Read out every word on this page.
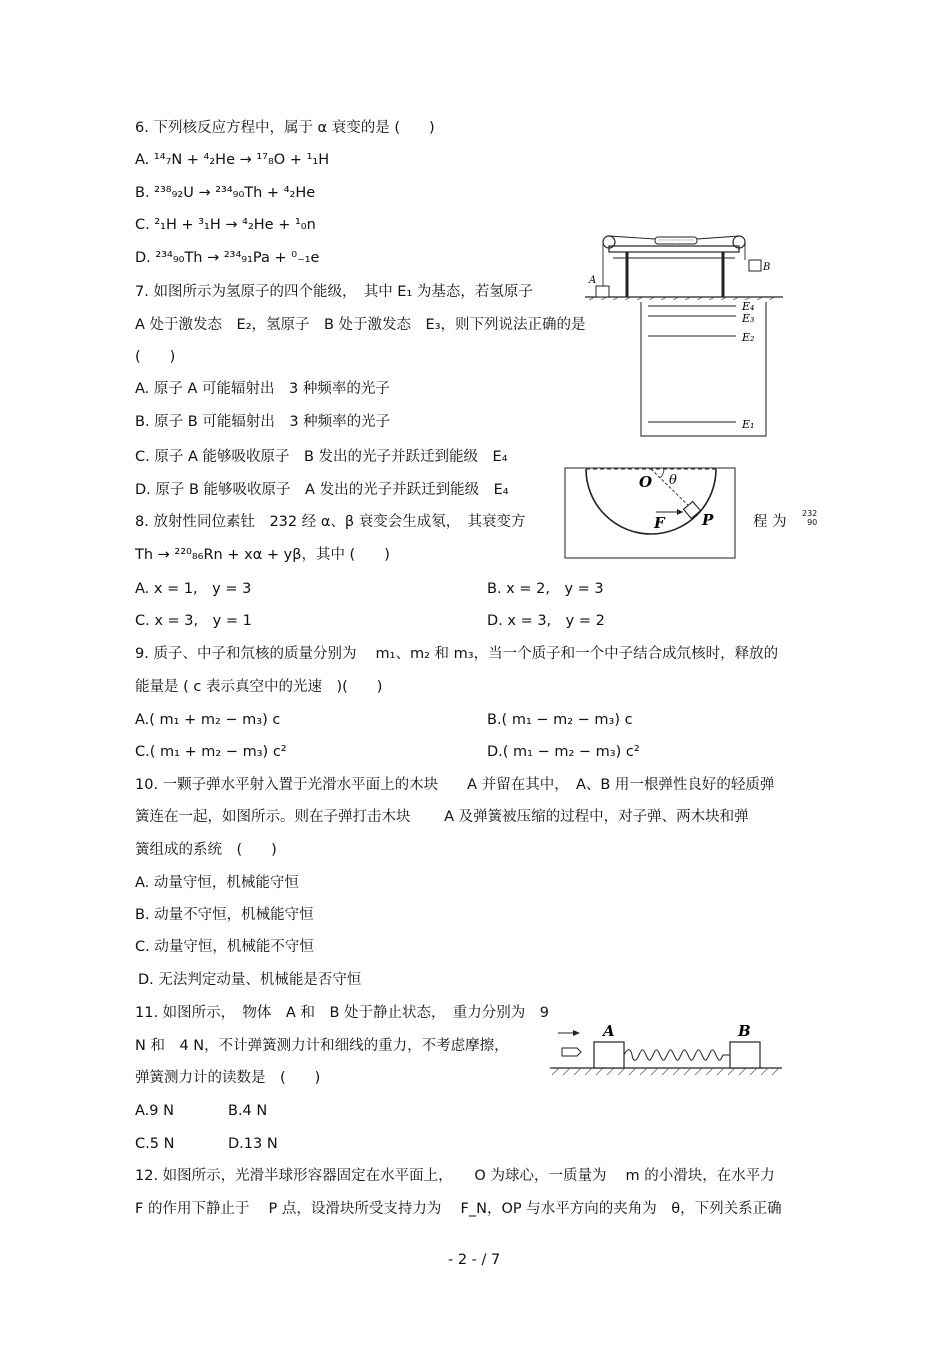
6. 下列核反应方程中，属于 α 衰变的是 (　　)
A. ¹⁴₇N + ⁴₂He → ¹⁷₈O + ¹₁H
B. ²³⁸₉₂U → ²³⁴₉₀Th + ⁴₂He
C. ²₁H + ³₁H → ⁴₂He + ¹₀n
D. ²³⁴₉₀Th → ²³⁴₉₁Pa + ⁰₋₁e
7. 如图所示为氢原子的四个能级，　其中 E₁ 为基态，若氢原子
A 处于激发态　E₂，氢原子　B 处于激发态　E₃，则下列说法正确的是
(　　)
A. 原子 A 可能辐射出　3 种频率的光子
B. 原子 B 可能辐射出　3 种频率的光子
C. 原子 A 能够吸收原子　B 发出的光子并跃迁到能级　E₄
D. 原子 B 能够吸收原子　A 发出的光子并跃迁到能级　E₄
8. 放射性同位素钍　232 经 α、β 衰变会生成氡，　其衰变方	程 为
232
90
Th → ²²⁰₈₆Rn + xα + yβ，其中 (　　)
A. x = 1,　y = 3	B. x = 2,　y = 3
C. x = 3,　y = 1	D. x = 3,　y = 2
9. 质子、中子和氘核的质量分别为　 m₁、m₂ 和 m₃，当一个质子和一个中子结合成氘核时，释放的
能量是 ( c 表示真空中的光速　)(　　)
A.( m₁ + m₂ − m₃) c	B.( m₁ − m₂ − m₃) c
C.( m₁ + m₂ − m₃) c²	D.( m₁ − m₂ − m₃) c²
10. 一颗子弹水平射入置于光滑水平面上的木块　　A 并留在其中，　A、B 用一根弹性良好的轻质弹
簧连在一起，如图所示。则在子弹打击木块　　 A 及弹簧被压缩的过程中，对子弹、两木块和弹
簧组成的系统　(　　)
A. 动量守恒，机械能守恒
B. 动量不守恒，机械能守恒
C. 动量守恒，机械能不守恒
D. 无法判定动量、机械能是否守恒
11. 如图所示，　物体　A 和　B 处于静止状态，　重力分别为　9
N 和　4 N，不计弹簧测力计和细线的重力，不考虑摩擦，
弹簧测力计的读数是　(　　)
A.9 N	B.4 N
C.5 N	D.13 N
12. 如图所示，光滑半球形容器固定在水平面上，　　O 为球心，一质量为　 m 的小滑块，在水平力
F 的作用下静止于　 P 点，设滑块所受支持力为　 F_N，OP 与水平方向的夹角为　θ，下列关系正确
A
B
E₄
E₃
E₂
E₁
O θ
F P
A	B
- 2 - / 7
